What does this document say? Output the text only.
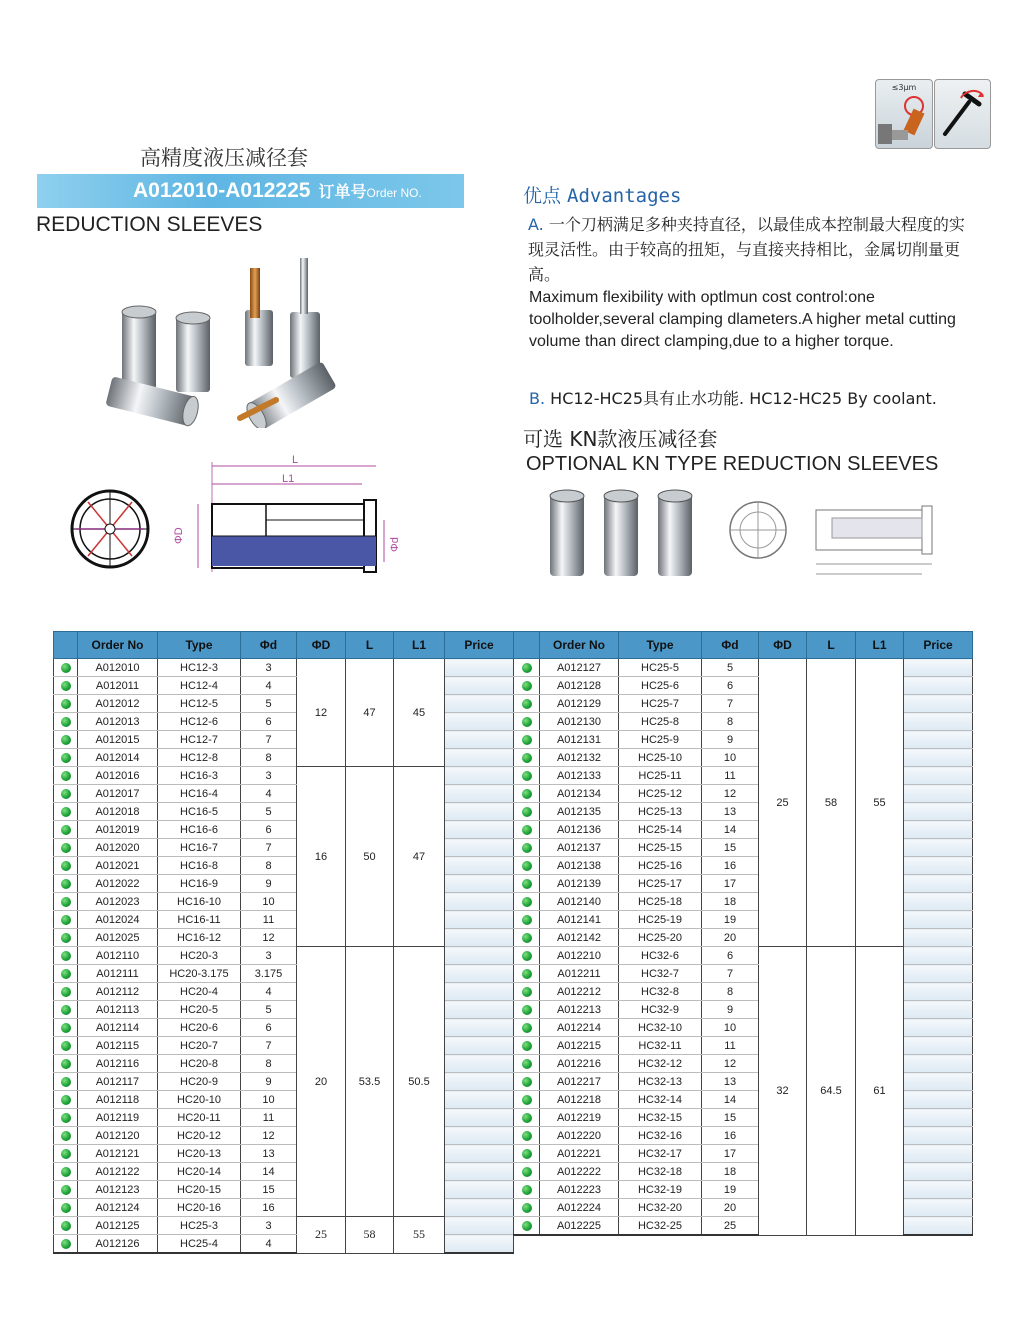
高精度液压减径套
A012010-A012225 订单号Order NO.
REDUCTION SLEEVES
≤3μm
L
L1
ΦD
Φd
优点 Advantages
A. 一个刀柄满足多种夹持直径，以最佳成本控制最大程度的实现灵活性。由于较高的扭矩，与直接夹持相比，金属切削量更高。
Maximum flexibility with optlmun cost control:one toolholder,several clamping dlameters.A higher metal cutting volume than direct clamping,due to a higher torque.
B. HC12-HC25具有止水功能. HC12-HC25 By coolant.
可选 KN款液压减径套
OPTIONAL KN TYPE REDUCTION SLEEVES
	Order No	Type	Φd	ΦD	L	L1	Price
	A012010	HC12-3	3	12	47	45	
	A012011	HC12-4	4				
	A012012	HC12-5	5				
	A012013	HC12-6	6				
	A012015	HC12-7	7				
	A012014	HC12-8	8				
	A012016	HC16-3	3	16	50	47	
	A012017	HC16-4	4				
	A012018	HC16-5	5				
	A012019	HC16-6	6				
	A012020	HC16-7	7				
	A012021	HC16-8	8				
	A012022	HC16-9	9				
	A012023	HC16-10	10				
	A012024	HC16-11	11				
	A012025	HC16-12	12				
	A012110	HC20-3	3	20	53.5	50.5	
	A012111	HC20-3.175	3.175				
	A012112	HC20-4	4				
	A012113	HC20-5	5				
	A012114	HC20-6	6				
	A012115	HC20-7	7				
	A012116	HC20-8	8				
	A012117	HC20-9	9				
	A012118	HC20-10	10				
	A012119	HC20-11	11				
	A012120	HC20-12	12				
	A012121	HC20-13	13				
	A012122	HC20-14	14				
	A012123	HC20-15	15				
	A012124	HC20-16	16				
	A012125	HC25-3	3	25	58	55	
	A012126	HC25-4	4				
	Order No	Type	Φd	ΦD	L	L1	Price
	A012127	HC25-5	5	25	58	55	
	A012128	HC25-6	6				
	A012129	HC25-7	7				
	A012130	HC25-8	8				
	A012131	HC25-9	9				
	A012132	HC25-10	10				
	A012133	HC25-11	11				
	A012134	HC25-12	12				
	A012135	HC25-13	13				
	A012136	HC25-14	14				
	A012137	HC25-15	15				
	A012138	HC25-16	16				
	A012139	HC25-17	17				
	A012140	HC25-18	18				
	A012141	HC25-19	19				
	A012142	HC25-20	20				
	A012210	HC32-6	6	32	64.5	61	
	A012211	HC32-7	7				
	A012212	HC32-8	8				
	A012213	HC32-9	9				
	A012214	HC32-10	10				
	A012215	HC32-11	11				
	A012216	HC32-12	12				
	A012217	HC32-13	13				
	A012218	HC32-14	14				
	A012219	HC32-15	15				
	A012220	HC32-16	16				
	A012221	HC32-17	17				
	A012222	HC32-18	18				
	A012223	HC32-19	19				
	A012224	HC32-20	20				
	A012225	HC32-25	25				
